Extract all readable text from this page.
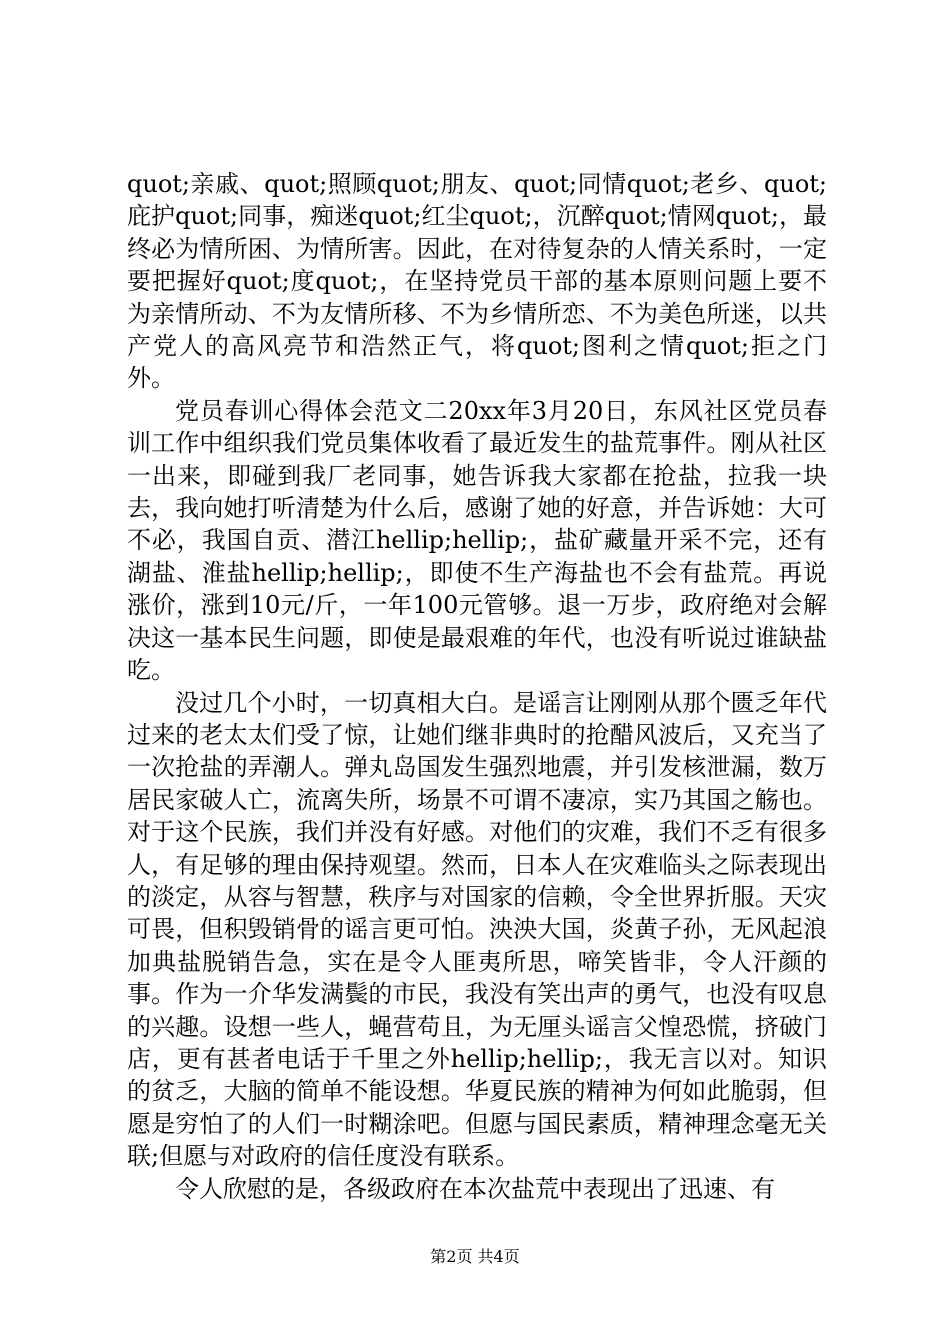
quot;亲戚、quot;照顾quot;朋友、quot;同情quot;老乡、quot;庇护quot;同事，痴迷quot;红尘quot;，沉醉quot;情网quot;，最终必为情所困、为情所害。因此，在对待复杂的人情关系时，一定要把握好quot;度quot;，在坚持党员干部的基本原则问题上要不为亲情所动、不为友情所移、不为乡情所恋、不为美色所迷，以共产党人的高风亮节和浩然正气，将quot;图利之情quot;拒之门外。

党员春训心得体会范文二20xx年3月20日，东风社区党员春训工作中组织我们党员集体收看了最近发生的盐荒事件。刚从社区一出来，即碰到我厂老同事，她告诉我大家都在抢盐，拉我一块去，我向她打听清楚为什么后，感谢了她的好意，并告诉她：大可不必，我国自贡、潜江hellip;hellip;，盐矿藏量开采不完，还有湖盐、淮盐hellip;hellip;，即使不生产海盐也不会有盐荒。再说涨价，涨到10元/斤，一年100元管够。退一万步，政府绝对会解决这一基本民生问题，即使是最艰难的年代，也没有听说过谁缺盐吃。

没过几个小时，一切真相大白。是谣言让刚刚从那个匮乏年代过来的老太太们受了惊，让她们继非典时的抢醋风波后，又充当了一次抢盐的弄潮人。弹丸岛国发生强烈地震，并引发核泄漏，数万居民家破人亡，流离失所，场景不可谓不凄凉，实乃其国之觞也。对于这个民族，我们并没有好感。对他们的灾难，我们不乏有很多人，有足够的理由保持观望。然而，日本人在灾难临头之际表现出的淡定，从容与智慧，秩序与对国家的信赖，令全世界折服。天灾可畏，但积毁销骨的谣言更可怕。泱泱大国，炎黄子孙，无风起浪加典盐脱销告急，实在是令人匪夷所思，啼笑皆非，令人汗颜的事。作为一介华发满鬓的市民，我没有笑出声的勇气，也没有叹息的兴趣。设想一些人，蝇营苟且，为无厘头谣言父惶恐慌，挤破门店，更有甚者电话于千里之外hellip;hellip;，我无言以对。知识的贫乏，大脑的简单不能设想。华夏民族的精神为何如此脆弱，但愿是穷怕了的人们一时糊涂吧。但愿与国民素质，精神理念毫无关联;但愿与对政府的信任度没有联系。

令人欣慰的是，各级政府在本次盐荒中表现出了迅速、有

第2页 共4页
